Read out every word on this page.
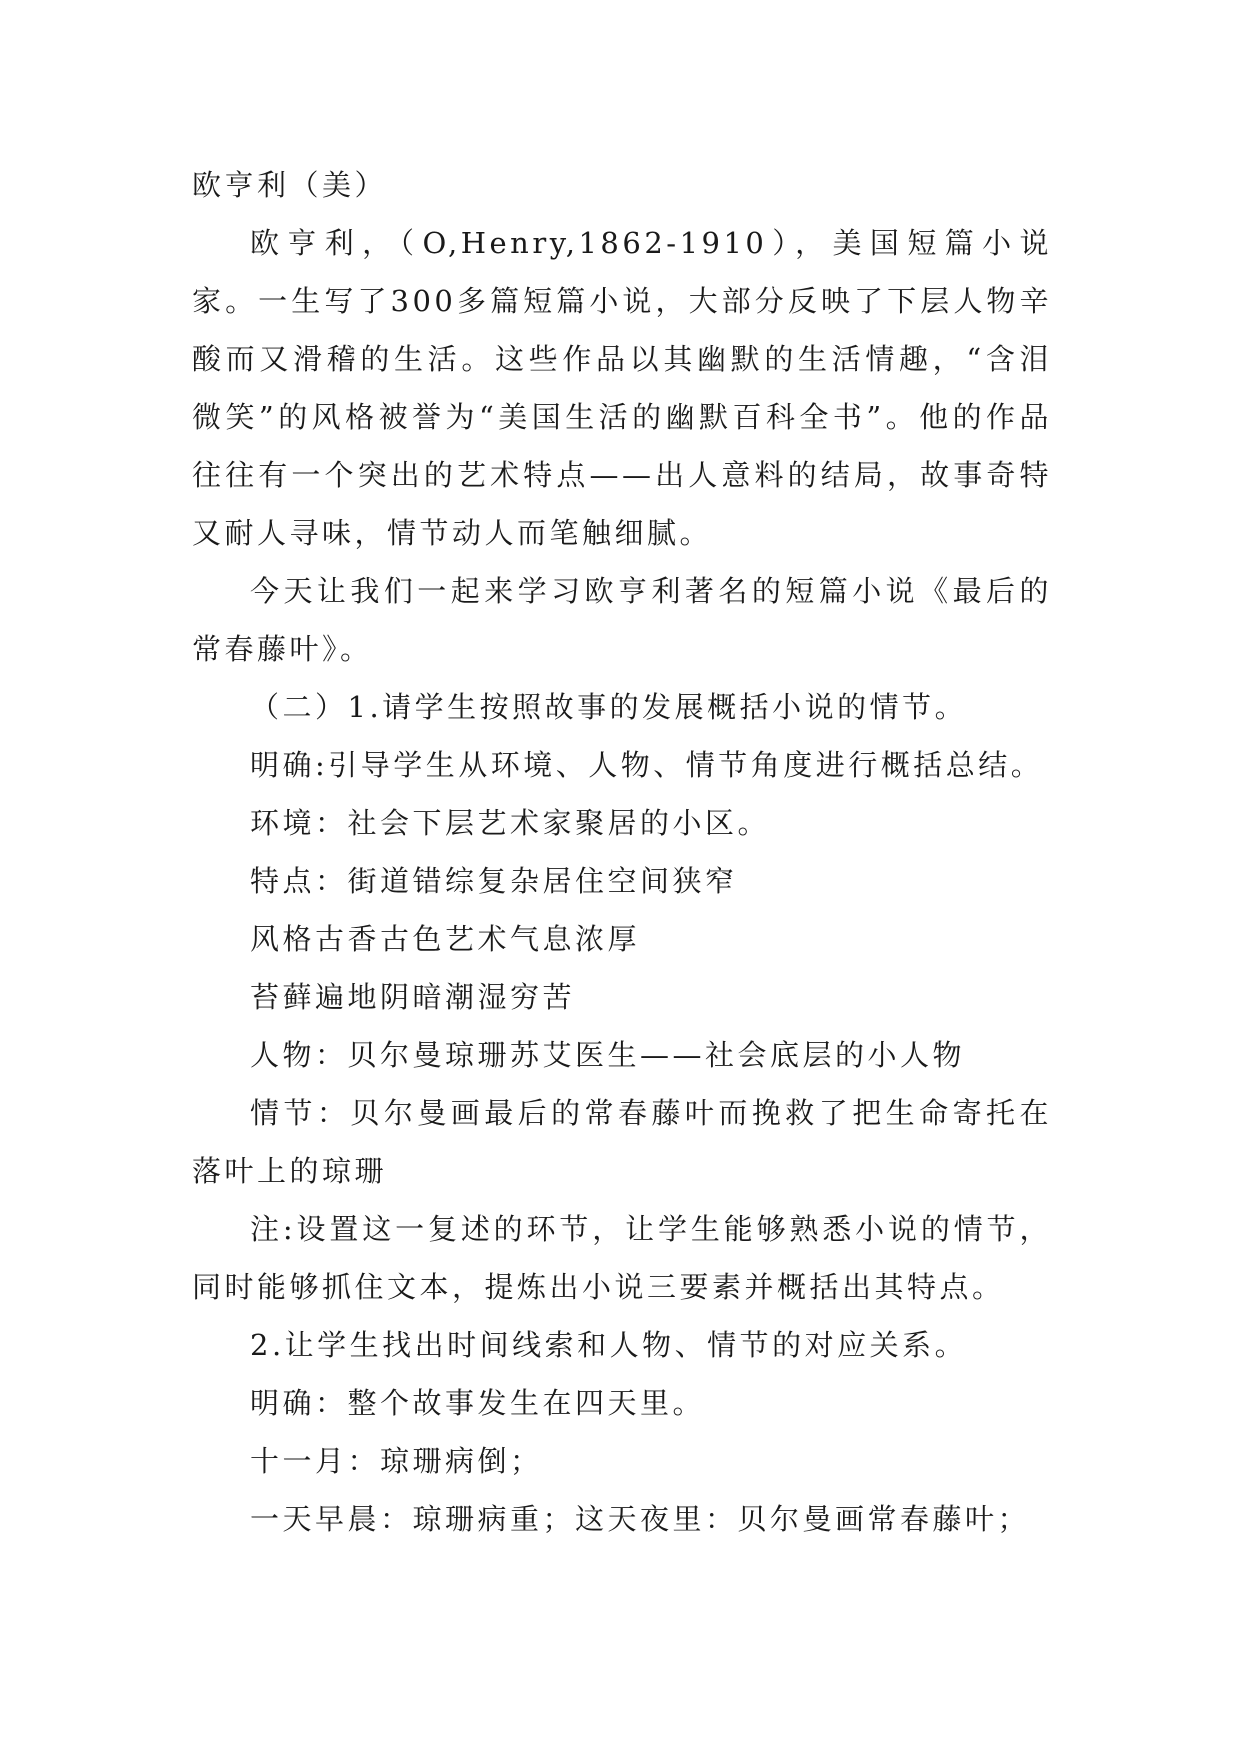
欧亨利（美）

欧亨利，（O,Henry,1862-1910），美国短篇小说家。一生写了300多篇短篇小说，大部分反映了下层人物辛酸而又滑稽的生活。这些作品以其幽默的生活情趣，“含泪微笑”的风格被誉为“美国生活的幽默百科全书”。他的作品往往有一个突出的艺术特点——出人意料的结局，故事奇特又耐人寻味，情节动人而笔触细腻。

今天让我们一起来学习欧亨利著名的短篇小说《最后的常春藤叶》。

（二）1.请学生按照故事的发展概括小说的情节。

明确:引导学生从环境、人物、情节角度进行概括总结。

环境：社会下层艺术家聚居的小区。

特点：街道错综复杂居住空间狭窄

风格古香古色艺术气息浓厚

苔藓遍地阴暗潮湿穷苦

人物：贝尔曼琼珊苏艾医生——社会底层的小人物

情节：贝尔曼画最后的常春藤叶而挽救了把生命寄托在落叶上的琼珊

注:设置这一复述的环节，让学生能够熟悉小说的情节，同时能够抓住文本，提炼出小说三要素并概括出其特点。

2.让学生找出时间线索和人物、情节的对应关系。

明确：整个故事发生在四天里。

十一月：琼珊病倒；

一天早晨：琼珊病重；这天夜里：贝尔曼画常春藤叶；
